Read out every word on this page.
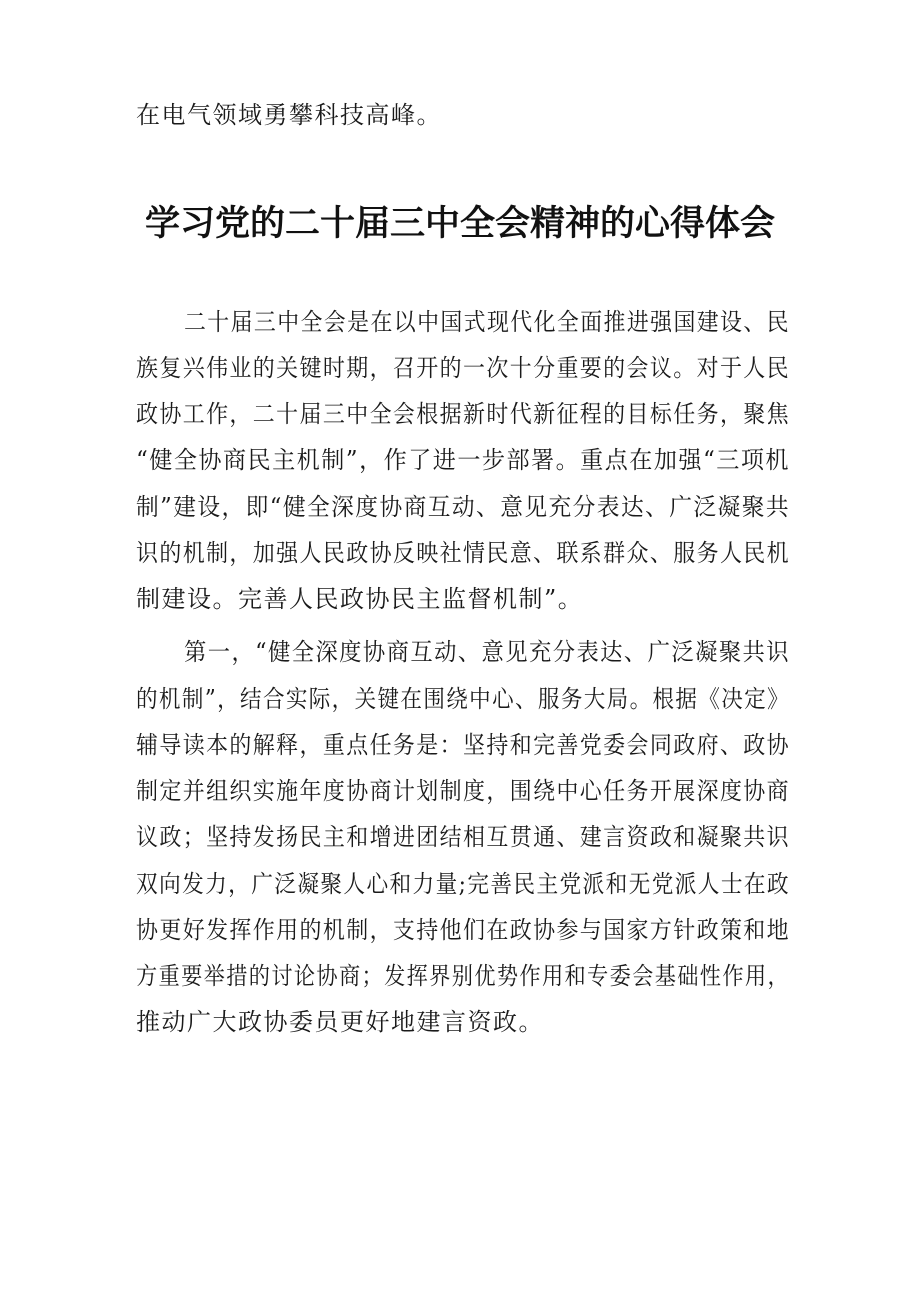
在电气领域勇攀科技高峰。

学习党的二十届三中全会精神的心得体会

二十届三中全会是在以中国式现代化全面推进强国建设、民

族复兴伟业的关键时期，召开的一次十分重要的会议。对于人民

政协工作，二十届三中全会根据新时代新征程的目标任务，聚焦

“健全协商民主机制”，作了进一步部署。重点在加强“三项机

制”建设，即“健全深度协商互动、意见充分表达、广泛凝聚共

识的机制，加强人民政协反映社情民意、联系群众、服务人民机

制建设。完善人民政协民主监督机制”。

第一，“健全深度协商互动、意见充分表达、广泛凝聚共识

的机制”，结合实际，关键在围绕中心、服务大局。根据《决定》

辅导读本的解释，重点任务是：坚持和完善党委会同政府、政协

制定并组织实施年度协商计划制度，围绕中心任务开展深度协商

议政；坚持发扬民主和增进团结相互贯通、建言资政和凝聚共识

双向发力，广泛凝聚人心和力量;完善民主党派和无党派人士在政

协更好发挥作用的机制，支持他们在政协参与国家方针政策和地

方重要举措的讨论协商；发挥界别优势作用和专委会基础性作用，

推动广大政协委员更好地建言资政。
